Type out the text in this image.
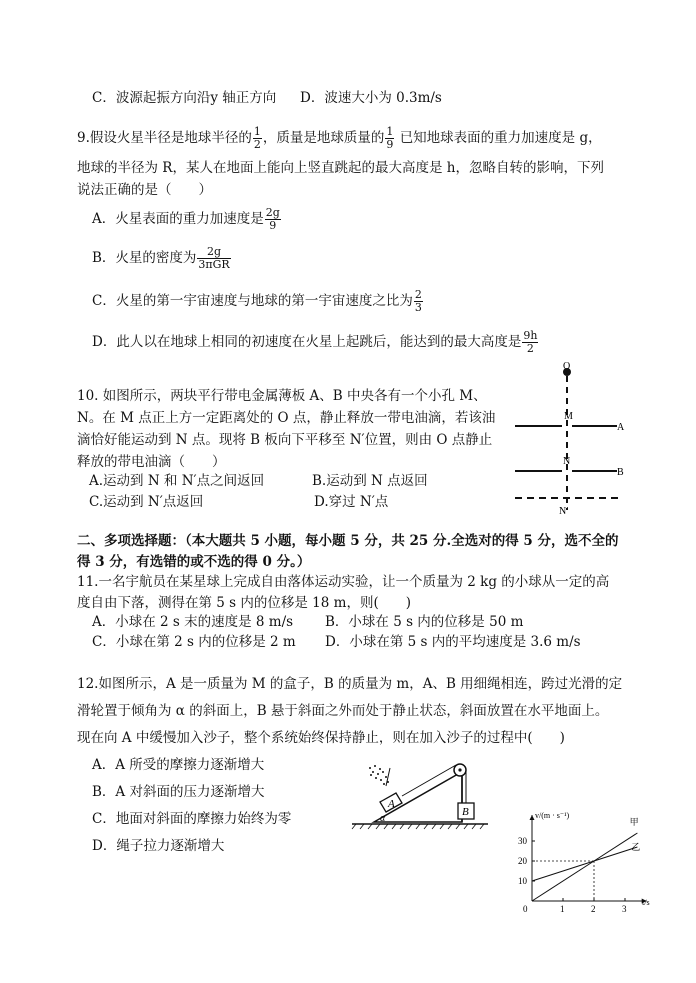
C．波源起振方向沿y 轴正方向 D．波速大小为 0.3m/s
9.假设火星半径是地球半径的 $\frac{1}{2}$ ，质量是地球质量的 $\frac{1}{9}$ 已知地球表面的重力加速度是 g，
地球的半径为 R，某人在地面上能向上竖直跳起的最大高度是 h，忽略自转的影响，下列
说法正确的是（　　）
A．火星表面的重力加速度是 $\frac{2g}{9}$
B．火星的密度为 $\frac{2g}{\text{3πGR}}$
C．火星的第一宇宙速度与地球的第一宇宙速度之比为 $\frac{2}{3}$
D．此人以在地球上相同的初速度在火星上起跳后，能达到的最大高度是 $\frac{9h}{2}$
10. 如图所示，两块平行带电金属薄板 A、B 中央各有一个小孔 M、
N。在 M 点正上方一定距离处的 O 点，静止释放一带电油滴，若该油
滴恰好能运动到 N 点。现将 B 板向下平移至 N′位置，则由 O 点静止
释放的带电油滴（　　）
A.运动到 N 和 N′点之间返回	B.运动到 N 点返回
C.运动到 N′点返回	D.穿过 N′点
O
M
A
N
B
N′
二、多项选择题：（本大题共 5 小题，每小题 5 分，共 25 分.全选对的得 5 分，选不全的
得 3 分，有选错的或不选的得 0 分。）
11.一名宇航员在某星球上完成自由落体运动实验，让一个质量为 2 kg 的小球从一定的高
度自由下落，测得在第 5 s 内的位移是 18 m，则(　　)
A．小球在 2 s 末的速度是 8 m/s B．小球在 5 s 内的位移是 50 m
C．小球在第 2 s 内的位移是 2 m D．小球在第 5 s 内的平均速度是 3.6 m/s
12.如图所示，A 是一质量为 M 的盒子，B 的质量为 m，A、B 用细绳相连，跨过光滑的定
滑轮置于倾角为 α 的斜面上，B 悬于斜面之外而处于静止状态，斜面放置在水平地面上。
现在向 A 中缓慢加入沙子，整个系统始终保持静止，则在加入沙子的过程中(　　)
A．A 所受的摩擦力逐渐增大
B．A 对斜面的压力逐渐增大
C．地面对斜面的摩擦力始终为零
D．绳子拉力逐渐增大
A
B
α
10
20
30
1	2	3
0
甲
乙
v/(m · s⁻¹)
t/s
